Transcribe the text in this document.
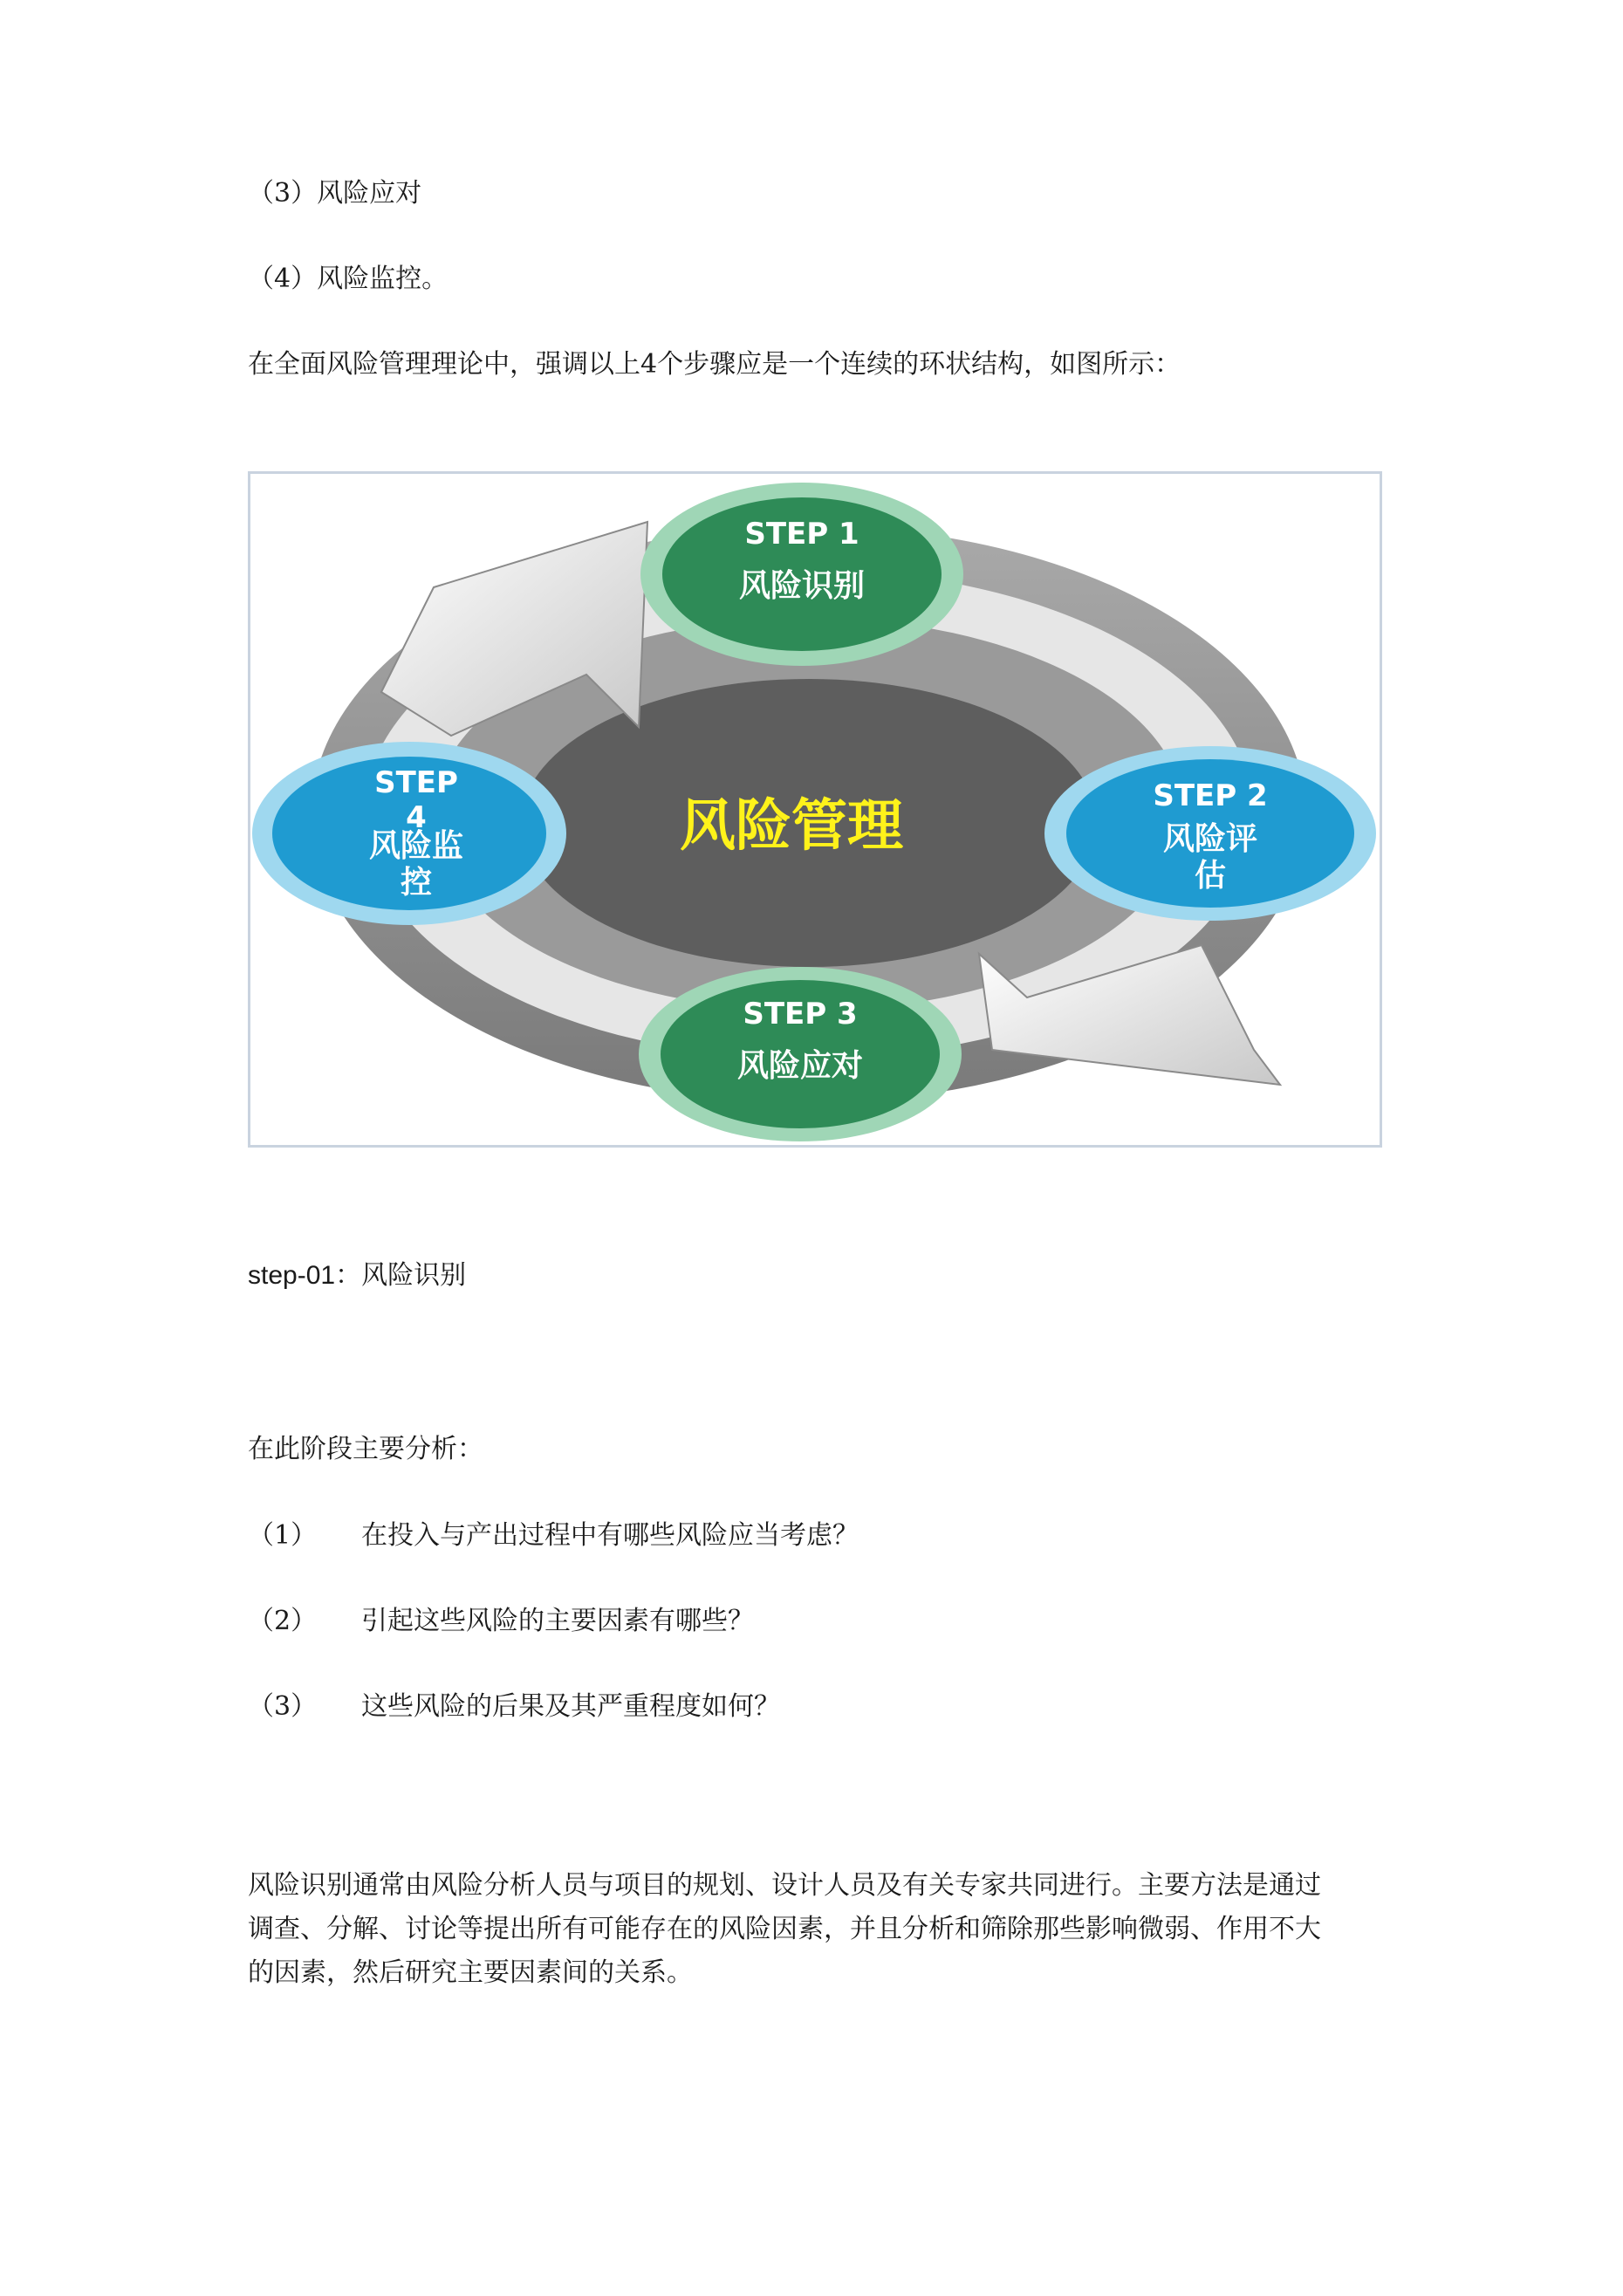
（3）风险应对
（4）风险监控。
在全面风险管理理论中，强调以上4个步骤应是一个连续的环状结构，如图所示：
风险管理
STEP 1
风险识别
STEP 2
风险评
估
STEP 3
风险应对
STEP
4
风险监
控
step-01：风险识别
在此阶段主要分析：
（1） 在投入与产出过程中有哪些风险应当考虑？
（2） 引起这些风险的主要因素有哪些？
（3） 这些风险的后果及其严重程度如何？
风险识别通常由风险分析人员与项目的规划、设计人员及有关专家共同进行。主要方法是通过
调查、分解、讨论等提出所有可能存在的风险因素，并且分析和筛除那些影响微弱、作用不大
的因素，然后研究主要因素间的关系。
